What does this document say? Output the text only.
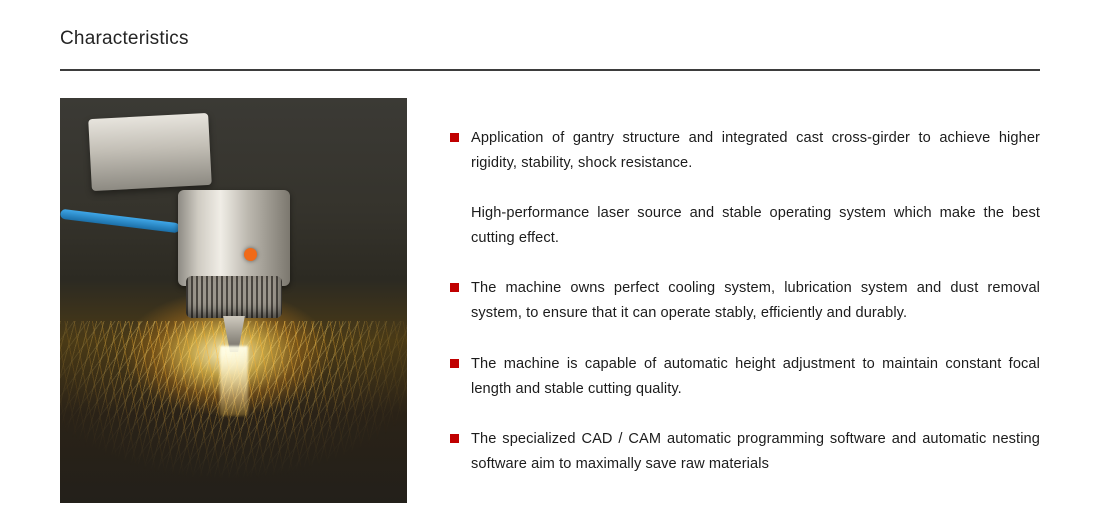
Characteristics
Application of gantry structure and integrated cast cross-girder to achieve higher rigidity, stability, shock resistance.
High-performance laser source and stable operating system which make the best cutting effect.
The machine owns perfect cooling system, lubrication system and dust removal system, to ensure that it can operate stably, efficiently and durably.
The machine is capable of automatic height adjustment to maintain constant focal length and stable cutting quality.
The specialized CAD / CAM automatic programming software and automatic nesting software aim to maximally save raw materials
